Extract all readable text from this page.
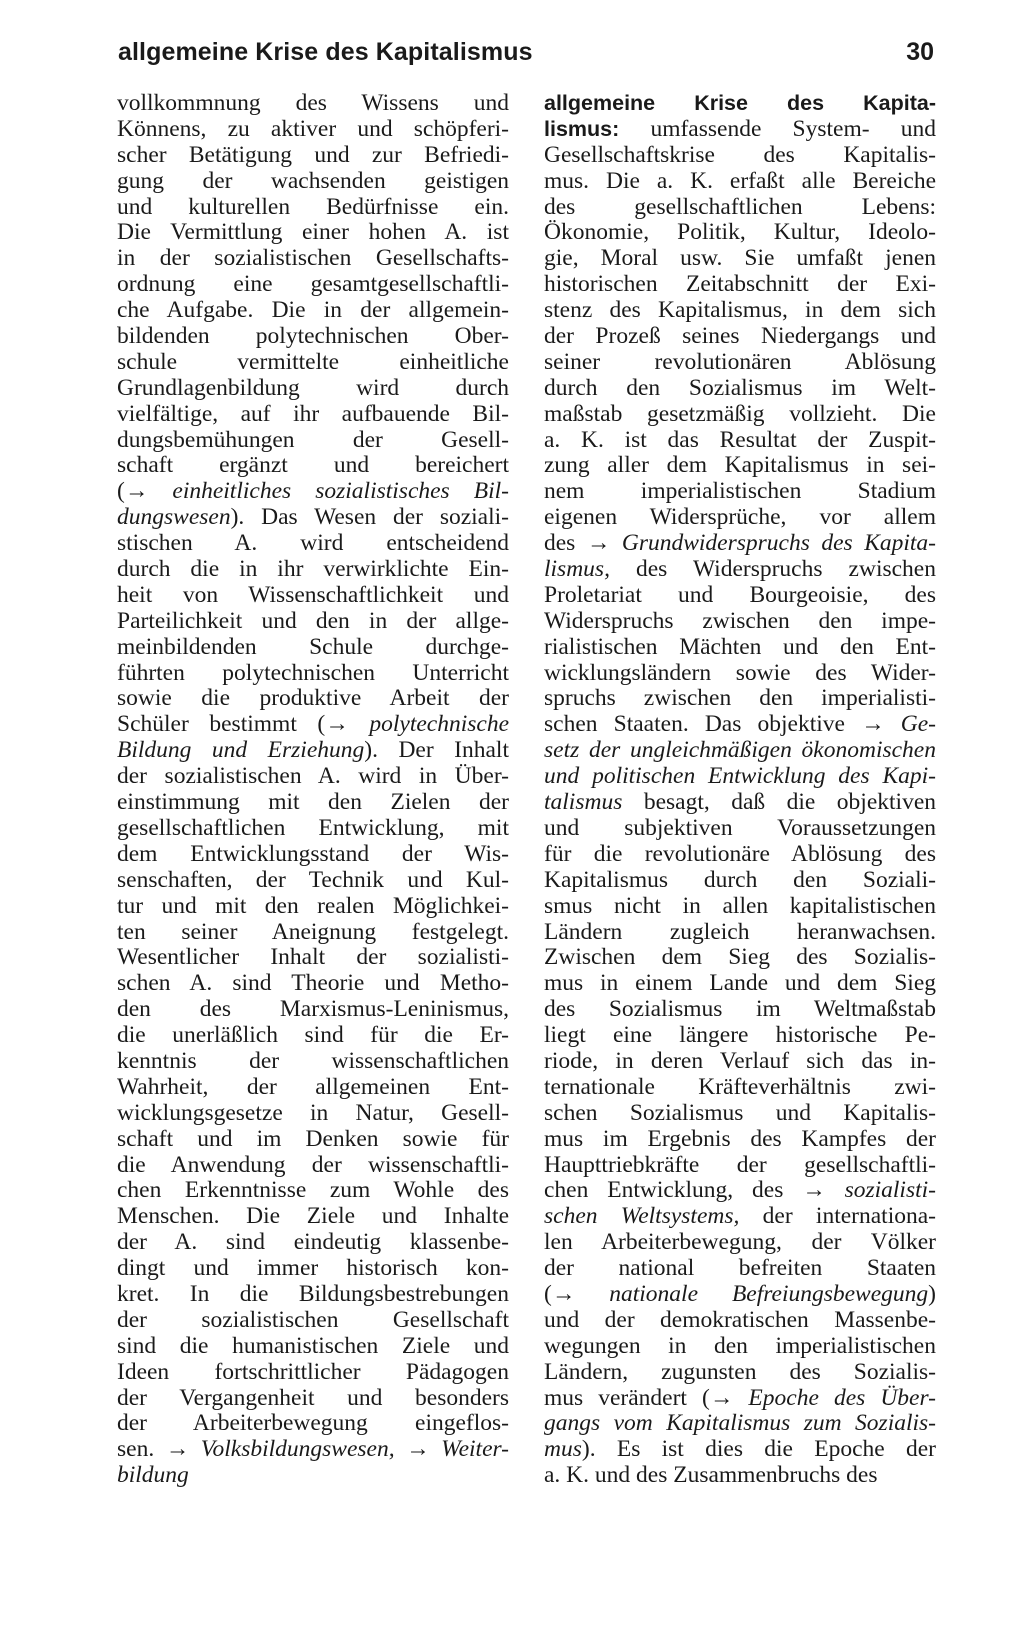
allgemeine Krise des Kapitalismus	30
vollkommnung des Wissens und
Könnens, zu aktiver und schöpferi-
scher Betätigung und zur Befriedi-
gung der wachsenden geistigen
und kulturellen Bedürfnisse ein.
Die Vermittlung einer hohen A. ist
in der sozialistischen Gesellschafts-
ordnung eine gesamtgesellschaftli-
che Aufgabe. Die in der allgemein-
bildenden polytechnischen Ober-
schule vermittelte einheitliche
Grundlagenbildung wird durch
vielfältige, auf ihr aufbauende Bil-
dungsbemühungen der Gesell-
schaft ergänzt und bereichert
(→ einheitliches sozialistisches Bil-
dungswesen). Das Wesen der soziali-
stischen A. wird entscheidend
durch die in ihr verwirklichte Ein-
heit von Wissenschaftlichkeit und
Parteilichkeit und den in der allge-
meinbildenden Schule durchge-
führten polytechnischen Unterricht
sowie die produktive Arbeit der
Schüler bestimmt (→ polytechnische
Bildung und Erziehung). Der Inhalt
der sozialistischen A. wird in Über-
einstimmung mit den Zielen der
gesellschaftlichen Entwicklung, mit
dem Entwicklungsstand der Wis-
senschaften, der Technik und Kul-
tur und mit den realen Möglichkei-
ten seiner Aneignung festgelegt.
Wesentlicher Inhalt der sozialisti-
schen A. sind Theorie und Metho-
den des Marxismus-Leninismus,
die unerläßlich sind für die Er-
kenntnis der wissenschaftlichen
Wahrheit, der allgemeinen Ent-
wicklungsgesetze in Natur, Gesell-
schaft und im Denken sowie für
die Anwendung der wissenschaftli-
chen Erkenntnisse zum Wohle des
Menschen. Die Ziele und Inhalte
der A. sind eindeutig klassenbe-
dingt und immer historisch kon-
kret. In die Bildungsbestrebungen
der sozialistischen Gesellschaft
sind die humanistischen Ziele und
Ideen fortschrittlicher Pädagogen
der Vergangenheit und besonders
der Arbeiterbewegung eingeflos-
sen. → Volksbildungswesen, → Weiter-
bildung
allgemeine Krise des Kapita-
lismus: umfassende System- und
Gesellschaftskrise des Kapitalis-
mus. Die a. K. erfaßt alle Bereiche
des gesellschaftlichen Lebens:
Ökonomie, Politik, Kultur, Ideolo-
gie, Moral usw. Sie umfaßt jenen
historischen Zeitabschnitt der Exi-
stenz des Kapitalismus, in dem sich
der Prozeß seines Niedergangs und
seiner revolutionären Ablösung
durch den Sozialismus im Welt-
maßstab gesetzmäßig vollzieht. Die
a. K. ist das Resultat der Zuspit-
zung aller dem Kapitalismus in sei-
nem imperialistischen Stadium
eigenen Widersprüche, vor allem
des → Grundwiderspruchs des Kapita-
lismus, des Widerspruchs zwischen
Proletariat und Bourgeoisie, des
Widerspruchs zwischen den impe-
rialistischen Mächten und den Ent-
wicklungsländern sowie des Wider-
spruchs zwischen den imperialisti-
schen Staaten. Das objektive → Ge-
setz der ungleichmäßigen ökonomischen
und politischen Entwicklung des Kapi-
talismus besagt, daß die objektiven
und subjektiven Voraussetzungen
für die revolutionäre Ablösung des
Kapitalismus durch den Soziali-
smus nicht in allen kapitalistischen
Ländern zugleich heranwachsen.
Zwischen dem Sieg des Sozialis-
mus in einem Lande und dem Sieg
des Sozialismus im Weltmaßstab
liegt eine längere historische Pe-
riode, in deren Verlauf sich das in-
ternationale Kräfteverhältnis zwi-
schen Sozialismus und Kapitalis-
mus im Ergebnis des Kampfes der
Haupttriebkräfte der gesellschaftli-
chen Entwicklung, des → sozialisti-
schen Weltsystems, der internationa-
len Arbeiterbewegung, der Völker
der national befreiten Staaten
(→ nationale Befreiungsbewegung)
und der demokratischen Massenbe-
wegungen in den imperialistischen
Ländern, zugunsten des Sozialis-
mus verändert (→ Epoche des Über-
gangs vom Kapitalismus zum Sozialis-
mus). Es ist dies die Epoche der
a. K. und des Zusammenbruchs des
